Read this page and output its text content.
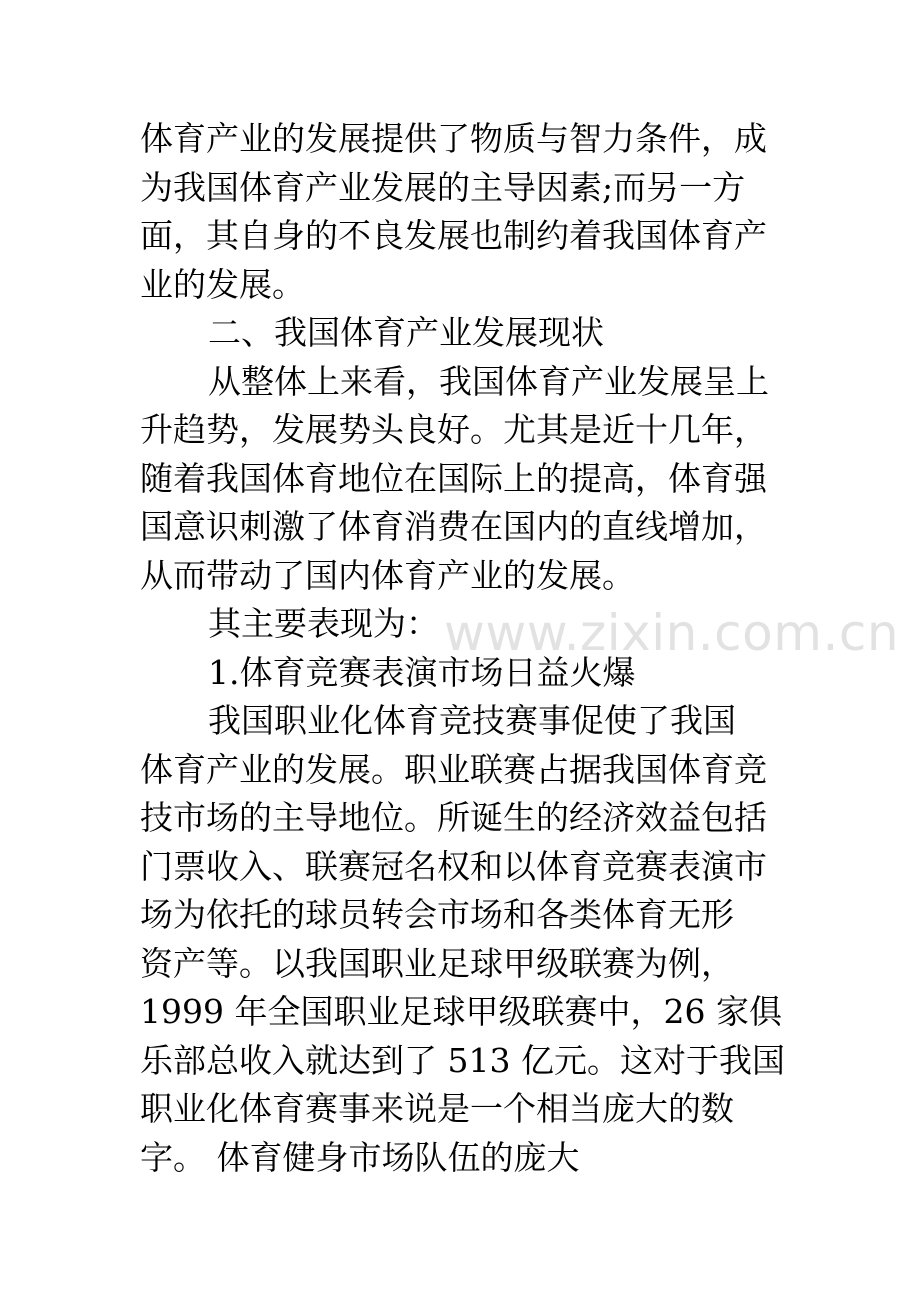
体育产业的发展提供了物质与智力条件，成
为我国体育产业发展的主导因素;而另一方
面，其自身的不良发展也制约着我国体育产
业的发展。
二、我国体育产业发展现状
从整体上来看，我国体育产业发展呈上
升趋势，发展势头良好。尤其是近十几年，
随着我国体育地位在国际上的提高，体育强
国意识刺激了体育消费在国内的直线增加，
从而带动了国内体育产业的发展。
其主要表现为：
1.体育竞赛表演市场日益火爆
我国职业化体育竞技赛事促使了我国
体育产业的发展。职业联赛占据我国体育竞
技市场的主导地位。所诞生的经济效益包括
门票收入、联赛冠名权和以体育竞赛表演市
场为依托的球员转会市场和各类体育无形
资产等。以我国职业足球甲级联赛为例，
1999 年全国职业足球甲级联赛中，26 家俱
乐部总收入就达到了 513 亿元。这对于我国
职业化体育赛事来说是一个相当庞大的数
字。 体育健身市场队伍的庞大
www.zixin.com.cn
